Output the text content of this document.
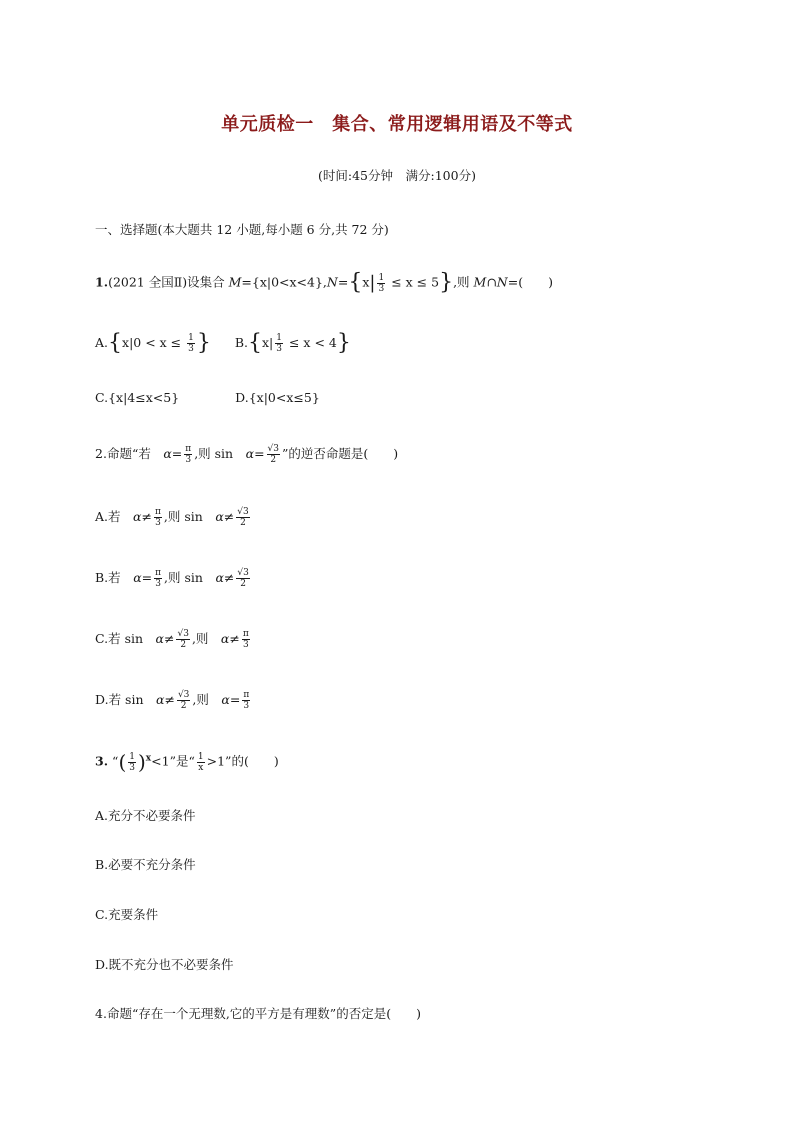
单元质检一　集合、常用逻辑用语及不等式
(时间:45分钟　满分:100分)
一、选择题(本大题共 12 小题,每小题 6 分,共 72 分)
1.(2021 全国Ⅱ)设集合 $M=\{x|0<x<4\},N=\{x| \frac{1}{3} \le x \le 5\}$,则 M∩N=(　　)
$A.\{x|0 < x \le \frac{1}{3}$ } $B.\{x| \frac{1}{3} \le x < 4\}$
C.{x|4≤x<5}	D.{x|0<x≤5}
2.命题“若　$\alpha= \frac{\pi}{3}$ ,则 sin　$\alpha= \frac{√3}{2}$ ”的逆否命题是(　　)
A.若　$\alpha\ne \frac{\pi}{3}$ ,则 sin　$\alpha\ne \frac{√3}{2}$
B.若　$\alpha= \frac{\pi}{3}$ ,则 sin　$\alpha\ne \frac{√3}{2}$
C.若 sin　$\alpha\ne \frac{√3}{2}$ ,则　$\alpha\ne \frac{\pi}{3}$
D.若 sin　$\alpha\ne \frac{√3}{2}$ ,则　$\alpha= \frac{\pi}{3}$
3. “( $\frac{1}{3} )^x<1$”是“ $\frac{1}{x} >1$”的(　　)
A.充分不必要条件
B.必要不充分条件
C.充要条件
D.既不充分也不必要条件
4.命题“存在一个无理数,它的平方是有理数”的否定是(　　)
